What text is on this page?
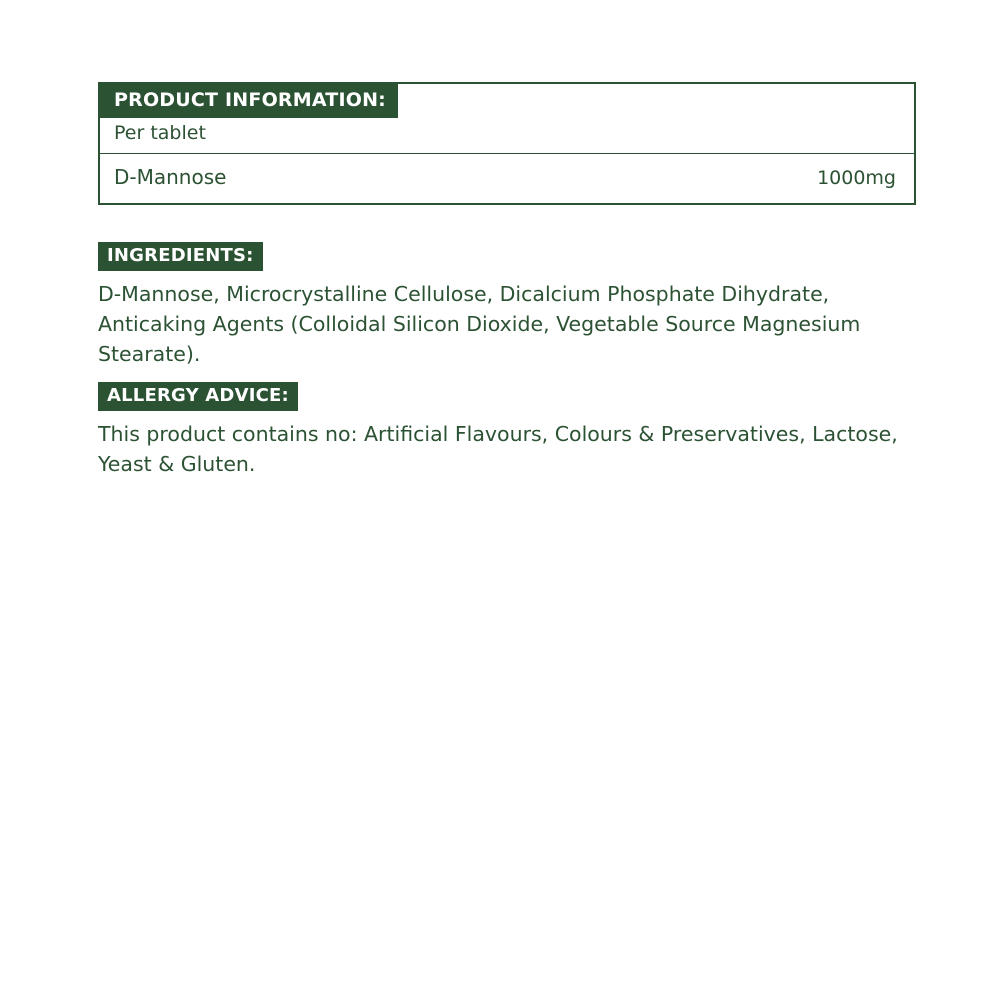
PRODUCT INFORMATION:
Per tablet
D-Mannose	1000mg
INGREDIENTS:
D-Mannose, Microcrystalline Cellulose, Dicalcium Phosphate Dihydrate, Anticaking Agents (Colloidal Silicon Dioxide, Vegetable Source Magnesium Stearate).
ALLERGY ADVICE:
This product contains no: Artificial Flavours, Colours & Preservatives, Lactose, Yeast & Gluten.
